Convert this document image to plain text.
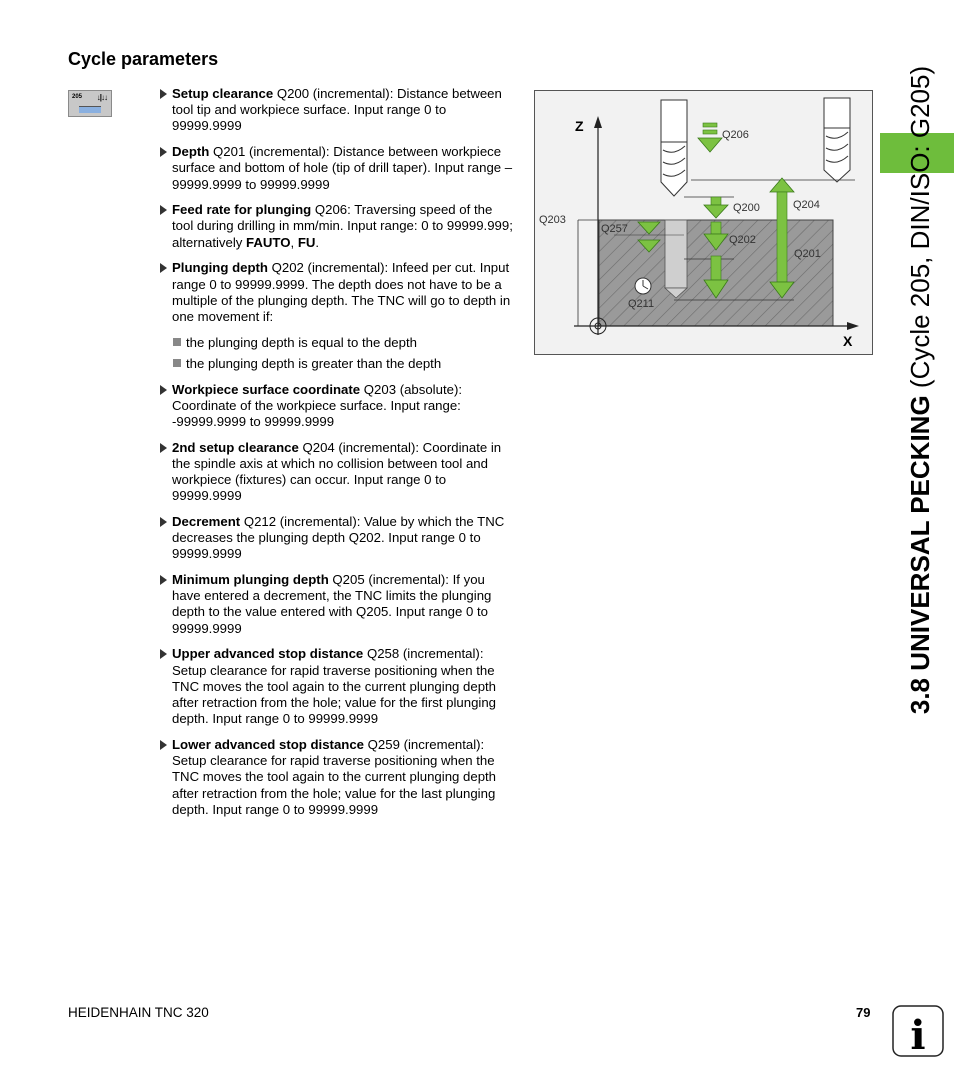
Cycle parameters
205 ↓|↓↓	Setup clearance Q200 (incremental): Distance between tool tip and workpiece surface. Input range 0 to 99999.9999
Depth Q201 (incremental): Distance between workpiece surface and bottom of hole (tip of drill taper). Input range –99999.9999 to 99999.9999
Feed rate for plunging Q206: Traversing speed of the tool during drilling in mm/min. Input range: 0 to 99999.999; alternatively FAUTO, FU.
Plunging depth Q202 (incremental): Infeed per cut. Input range 0 to 99999.9999. The depth does not have to be a multiple of the plunging depth. The TNC will go to depth in one movement if:
the plunging depth is equal to the depth
the plunging depth is greater than the depth
Workpiece surface coordinate Q203 (absolute): Coordinate of the workpiece surface. Input range: -99999.9999 to 99999.9999
2nd setup clearance Q204 (incremental): Coordinate in the spindle axis at which no collision between tool and workpiece (fixtures) can occur. Input range 0 to 99999.9999
Decrement Q212 (incremental): Value by which the TNC decreases the plunging depth Q202. Input range 0 to 99999.9999
Minimum plunging depth Q205 (incremental): If you have entered a decrement, the TNC limits the plunging depth to the value entered with Q205. Input range 0 to 99999.9999
Upper advanced stop distance Q258 (incremental): Setup clearance for rapid traverse positioning when the TNC moves the tool again to the current plunging depth after retraction from the hole; value for the first plunging depth. Input range 0 to 99999.9999
Lower advanced stop distance Q259 (incremental): Setup clearance for rapid traverse positioning when the TNC moves the tool again to the current plunging depth after retraction from the hole; value for the last plunging depth. Input range 0 to 99999.9999
Z
X
Q203
Q206
Q200	Q204
Q202
Q201
Q257
Q211
3.8 UNIVERSAL PECKING (Cycle 205, DIN/ISO: G205)
HEIDENHAIN TNC 320	79 i
